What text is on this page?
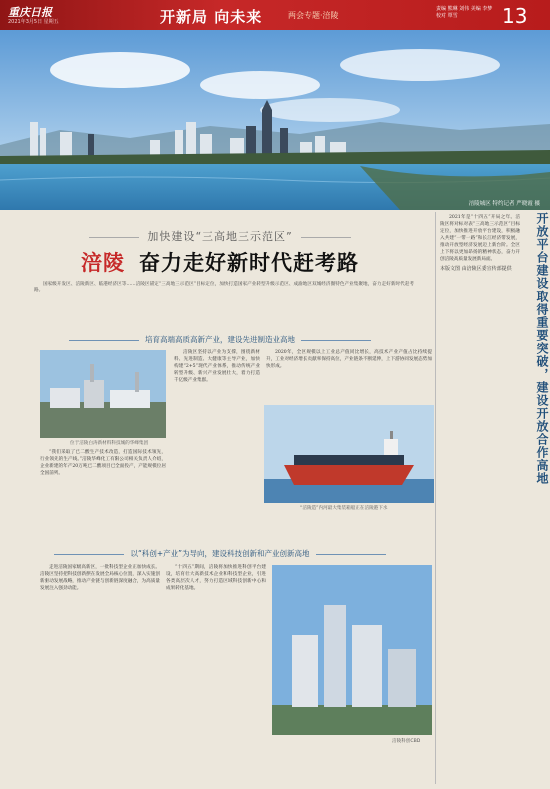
重庆日报
2021年3月5日 星期五	开新局 向未来	两会专题·涪陵
责编 熊琳 刘伟 美编 李梦 校对 覃雪	13
涪陵城区 特约记者 严晓霞 摄
加快建设“三高地三示范区”
涪陵 奋力走好新时代赶考路
国家级开发区、涪陵新区、临港经济区等……涪陵区锚定“三高地三示范区”目标定位，加快打造国家产业转型升级示范区、成渝地区双城经济圈特色产业集聚地，奋力走好新时代赶考路。
培育高端高质高新产业，建设先进制造业高地
位于涪陵白涛新材料科技城的华峰集团

“我们采取了已二酸生产技术改造，打造国际技术领先，行业领先的生产线。”涪陵华峰化工有限公司相关负责人介绍，企业新建的年产20万吨已二酸项目已全面投产，产能规模位居全国前列。

涪陵区坚持以产业为支撑，围绕新材料、先进制造、大健康等主导产业，加快构建“2+5”现代产业体系，推动传统产业转型升级、新兴产业发展壮大，着力打造千亿级产业集群。

2020年，全区规模以上工业总产值同比增长，高技术产业产值占比持续提升，工业对经济增长贡献率保持高位，产业链条不断延伸，上下游协同发展态势加快形成。

“涪陵造”内河最大集装箱船正在涪陵港下水
以“科创+产业”为导向，建设科技创新和产业创新高地

走进涪陵国家级高新区，一批科技型企业正加快成长。涪陵区坚持把科技创新摆在发展全局核心位置，深入实施创新驱动发展战略，推动产业链与创新链深度融合，为高质量发展注入强劲动能。

“十四五”期间，涪陵将加快推进科创平台建设，培育壮大高新技术企业和科技型企业，引进各类高层次人才，努力打造区域科技创新中心和成果转化基地。

涪陵科创CBD
开放平台建设取得重要突破，建设开放合作高地

2021年是“十四五”开局之年。涪陵区将对标对表“三高地三示范区”目标定位，加快推进开放平台建设，积极融入共建“一带一路”和长江经济带发展，推动开放型经济发展迈上新台阶。全区上下将以更加昂扬的精神状态，奋力开创涪陵高质量发展新局面。

本版文图 由涪陵区委宣传部提供
